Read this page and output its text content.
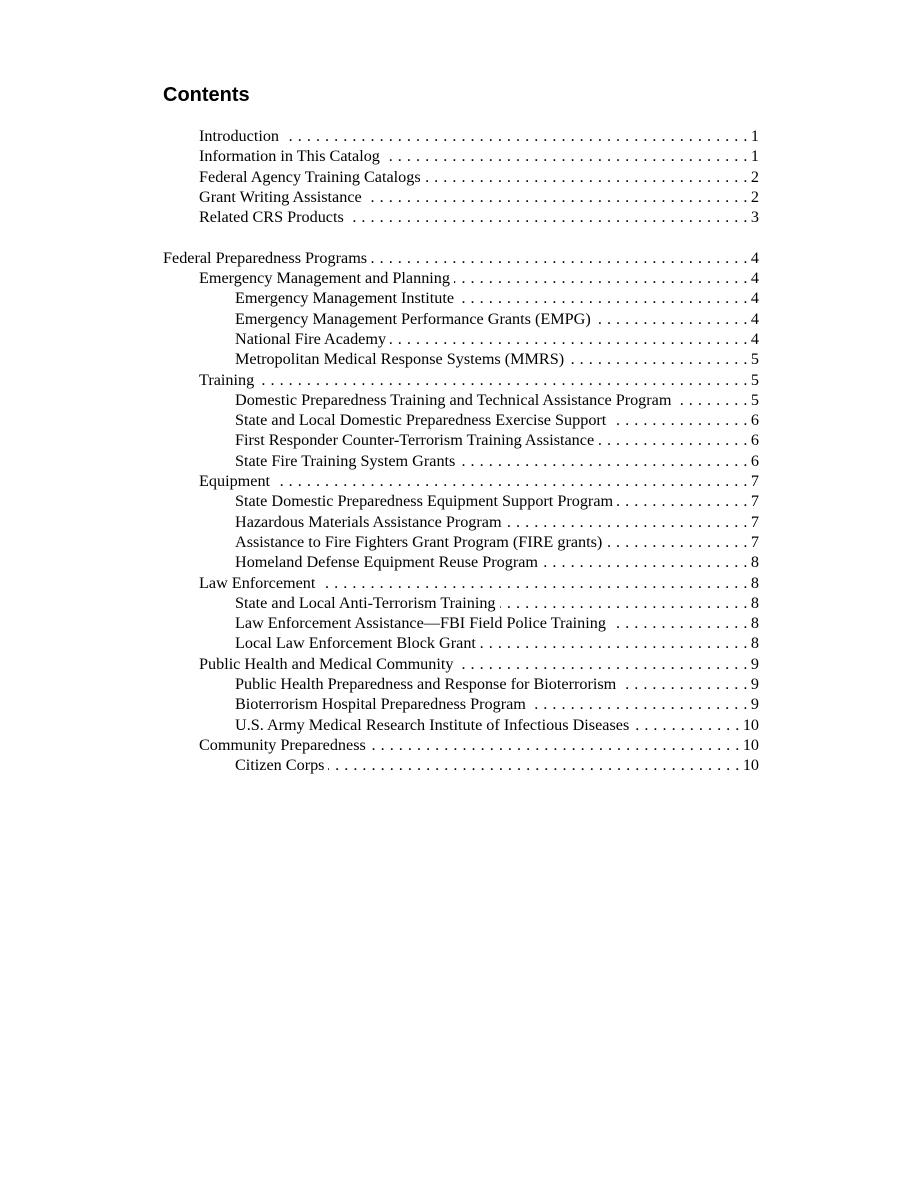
Contents
Introduction . . .	1
Information in This Catalog . . .	1
Federal Agency Training Catalogs . . .	2
Grant Writing Assistance . . .	2
Related CRS Products . . .	3
Federal Preparedness Programs . . .	4
Emergency Management and Planning . . .	4
Emergency Management Institute . . .	4
Emergency Management Performance Grants (EMPG) . . .	4
National Fire Academy . . .	4
Metropolitan Medical Response Systems (MMRS) . . .	5
Training . . .	5
Domestic Preparedness Training and Technical Assistance Program . . .	5
State and Local Domestic Preparedness Exercise Support . . .	6
First Responder Counter-Terrorism Training Assistance . . .	6
State Fire Training System Grants . . .	6
Equipment . . .	7
State Domestic Preparedness Equipment Support Program . . .	7
Hazardous Materials Assistance Program . . .	7
Assistance to Fire Fighters Grant Program (FIRE grants) . . .	7
Homeland Defense Equipment Reuse Program . . .	8
Law Enforcement . . .	8
State and Local Anti-Terrorism Training . . .	8
Law Enforcement Assistance—FBI Field Police Training . . .	8
Local Law Enforcement Block Grant . . .	8
Public Health and Medical Community . . .	9
Public Health Preparedness and Response for Bioterrorism . . .	9
Bioterrorism Hospital Preparedness Program . . .	9
U.S. Army Medical Research Institute of Infectious Diseases . . .	10
Community Preparedness . . .	10
Citizen Corps . . .	10
